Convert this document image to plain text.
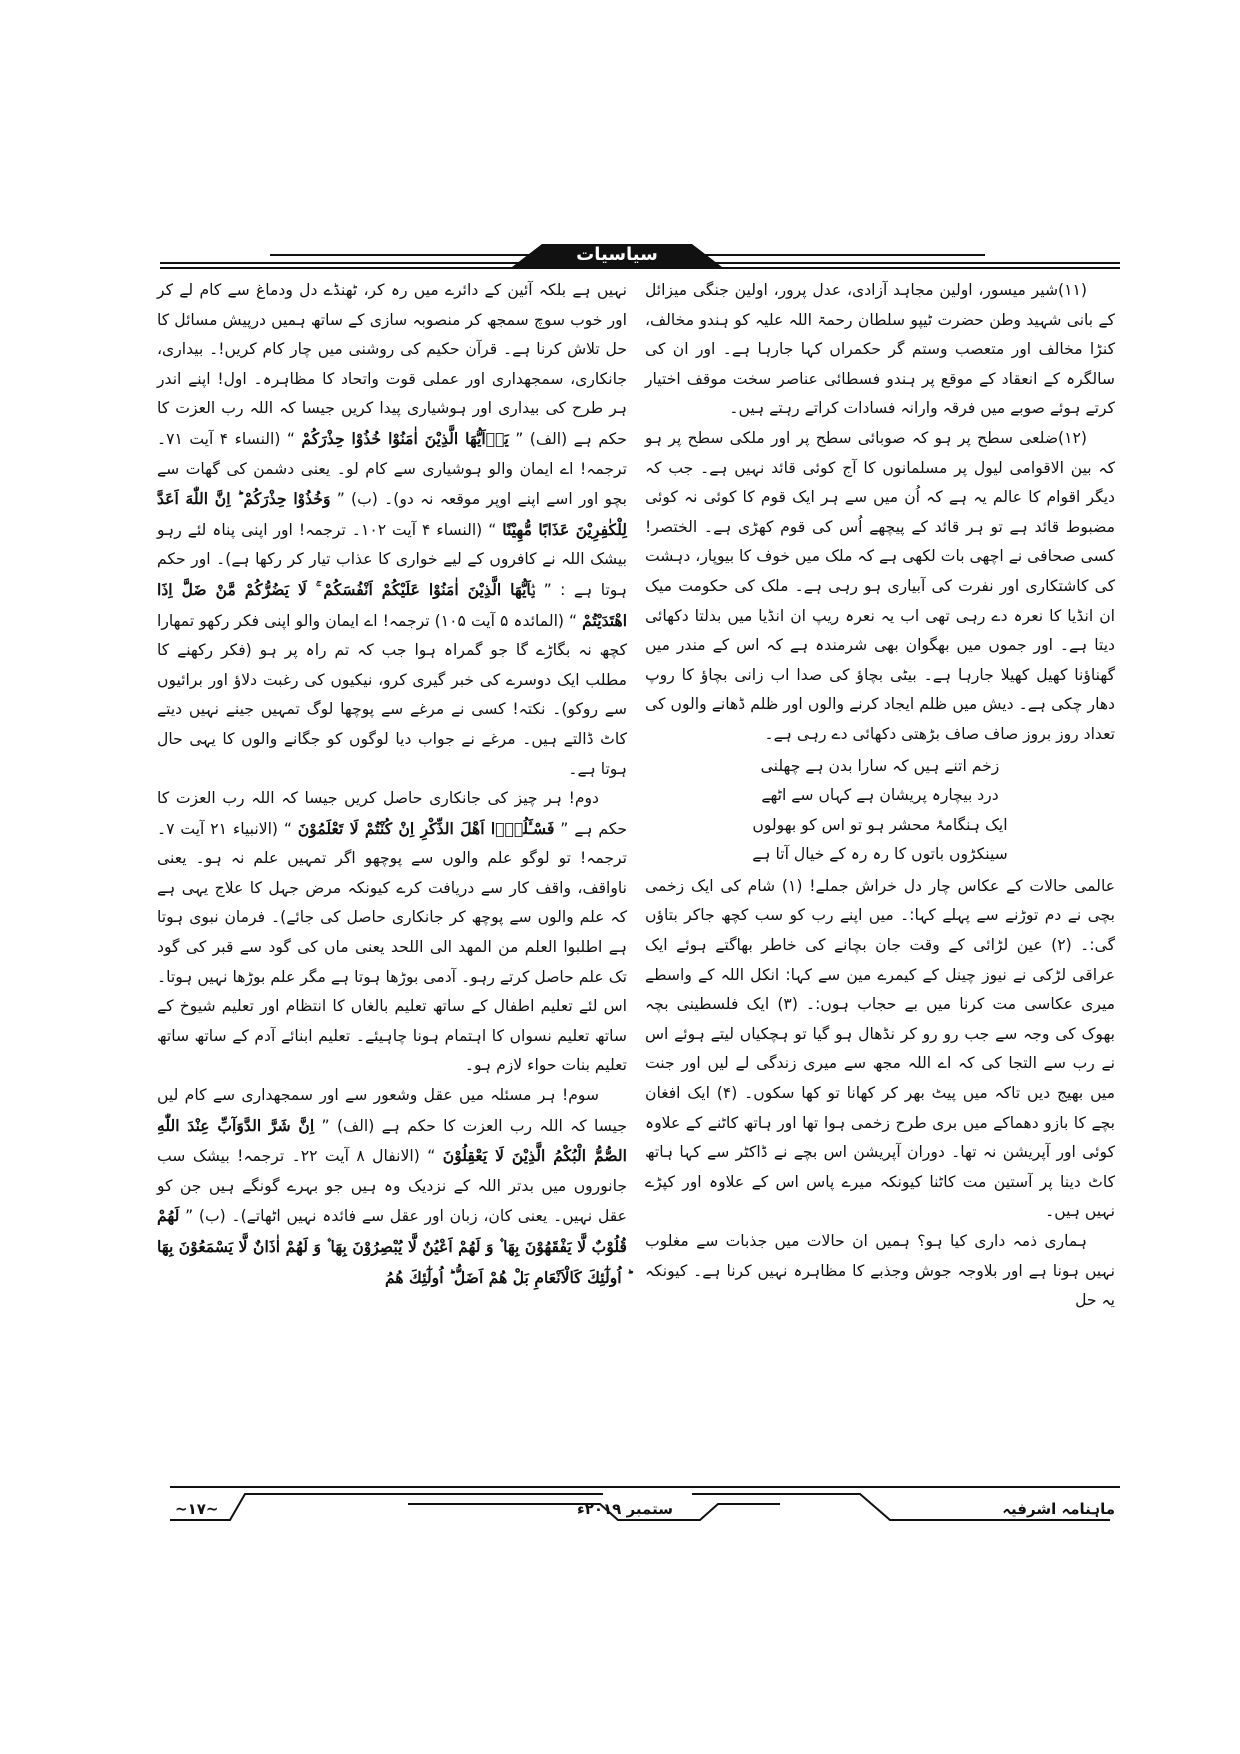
سیاسیات

(۱۱)شیر میسور، اولین مجاہد آزادی، عدل پرور، اولین جنگی میزائل کے بانی شہید وطن حضرت ٹیپو سلطان رحمۃ اللہ علیہ کو ہندو مخالف، کنڑا مخالف اور متعصب وستم گر حکمراں کہا جارہا ہے۔ اور ان کی سالگرہ کے انعقاد کے موقع پر ہندو فسطائی عناصر سخت موقف اختیار کرتے ہوئے صوبے میں فرقہ وارانہ فسادات کراتے رہتے ہیں۔

(۱۲)ضلعی سطح پر ہو کہ صوبائی سطح پر اور ملکی سطح پر ہو کہ بین الاقوامی لیول پر مسلمانوں کا آج کوئی قائد نہیں ہے۔ جب کہ دیگر اقوام کا عالم یہ ہے کہ اُن میں سے ہر ایک قوم کا کوئی نہ کوئی مضبوط قائد ہے تو ہر قائد کے پیچھے اُس کی قوم کھڑی ہے۔ الختصر! کسی صحافی نے اچھی بات لکھی ہے کہ ملک میں خوف کا بیوپار، دہشت کی کاشتکاری اور نفرت کی آبیاری ہو رہی ہے۔ ملک کی حکومت میک ان انڈیا کا نعرہ دے رہی تھی اب یہ نعرہ ریپ ان انڈیا میں بدلتا دکھائی دیتا ہے۔ اور جموں میں بھگوان بھی شرمندہ ہے کہ اس کے مندر میں گھناؤنا کھیل کھیلا جارہا ہے۔ بیٹی بچاؤ کی صدا اب زانی بچاؤ کا روپ دھار چکی ہے۔ دیش میں ظلم ایجاد کرنے والوں اور ظلم ڈھانے والوں کی تعداد روز بروز صاف صاف بڑھتی دکھائی دے رہی ہے۔

زخم اتنے ہیں کہ سارا بدن ہے چھلنی

درد بیچارہ پریشان ہے کہاں سے اٹھے

ایک ہنگامۂ محشر ہو تو اس کو بھولوں

سینکڑوں باتوں کا رہ رہ کے خیال آتا ہے

عالمی حالات کے عکاس چار دل خراش جملے! (۱) شام کی ایک زخمی بچی نے دم توڑنے سے پہلے کہا:۔ میں اپنے رب کو سب کچھ جاکر بتاؤں گی:۔ (۲) عین لڑائی کے وقت جان بچانے کی خاطر بھاگتے ہوئے ایک عراقی لڑکی نے نیوز چینل کے کیمرے مین سے کہا: انکل اللہ کے واسطے میری عکاسی مت کرنا میں بے حجاب ہوں:۔ (۳) ایک فلسطینی بچہ بھوک کی وجہ سے جب رو رو کر نڈھال ہو گیا تو ہچکیاں لیتے ہوئے اس نے رب سے التجا کی کہ اے اللہ مجھ سے میری زندگی لے لیں اور جنت میں بھیج دیں تاکہ میں پیٹ بھر کر کھانا تو کھا سکوں۔ (۴) ایک افغان بچے کا بازو دھماکے میں بری طرح زخمی ہوا تھا اور ہاتھ کاٹنے کے علاوہ کوئی اور آپریشن نہ تھا۔ دوران آپریشن اس بچے نے ڈاکٹر سے کہا ہاتھ کاٹ دینا پر آستین مت کاٹنا کیونکہ میرے پاس اس کے علاوہ اور کپڑے نہیں ہیں۔

ہماری ذمہ داری کیا ہو؟ ہمیں ان حالات میں جذبات سے مغلوب نہیں ہونا ہے اور بلاوجہ جوش وجذبے کا مظاہرہ نہیں کرنا ہے۔ کیونکہ یہ حل

نہیں ہے بلکہ آئین کے دائرے میں رہ کر، ٹھنڈے دل ودماغ سے کام لے کر اور خوب سوچ سمجھ کر منصوبہ سازی کے ساتھ ہمیں درپیش مسائل کا حل تلاش کرنا ہے۔ قرآن حکیم کی روشنی میں چار کام کریں!۔ بیداری، جانکاری، سمجھداری اور عملی قوت واتحاد کا مظاہرہ۔ اول! اپنے اندر ہر طرح کی بیداری اور ہوشیاری پیدا کریں جیسا کہ اللہ رب العزت کا حکم ہے (الف) ” يَاۤاَيُّهَا الَّذِيْنَ اٰمَنُوْا خُذُوْا حِذْرَكُمْ “ (النساء ۴ آیت ۷۱۔ ترجمہ! اے ایمان والو ہوشیاری سے کام لو۔ یعنی دشمن کی گھات سے بچو اور اسے اپنے اوپر موقعہ نہ دو)۔ (ب) ” وَخُذُوْا حِذْرَكُمْ ؕ اِنَّ اللّٰهَ اَعَدَّ لِلْكٰفِرِيْنَ عَذَابًا مُّهِيْنًا “ (النساء ۴ آیت ۱۰۲۔ ترجمہ! اور اپنی پناہ لئے رہو بیشک اللہ نے کافروں کے لیے خواری کا عذاب تیار کر رکھا ہے)۔ اور حکم ہوتا ہے : ” يٰۤاَيُّهَا الَّذِيْنَ اٰمَنُوْا عَلَيْكُمْ اَنْفُسَكُمْ ۚ لَا يَضُرُّكُمْ مَّنْ ضَلَّ اِذَا اهْتَدَيْتُمْ “ (المائدہ ۵ آیت ۱۰۵) ترجمہ! اے ایمان والو اپنی فکر رکھو تمھارا کچھ نہ بگاڑے گا جو گمراہ ہوا جب کہ تم راہ پر ہو (فکر رکھنے کا مطلب ایک دوسرے کی خبر گیری کرو، نیکیوں کی رغبت دلاؤ اور برائیوں سے روکو)۔ نکتہ! کسی نے مرغے سے پوچھا لوگ تمہیں جینے نہیں دیتے کاٹ ڈالتے ہیں۔ مرغے نے جواب دیا لوگوں کو جگانے والوں کا یہی حال ہوتا ہے۔

دوم! ہر چیز کی جانکاری حاصل کریں جیسا کہ اللہ رب العزت کا حکم ہے ” فَسْـَٔلُوْۤا اَهْلَ الذِّكْرِ اِنْ كُنْتُمْ لَا تَعْلَمُوْنَ “ (الانبیاء ۲۱ آیت ۷۔ ترجمہ! تو لوگو علم والوں سے پوچھو اگر تمہیں علم نہ ہو۔ یعنی ناواقف، واقف کار سے دریافت کرے کیونکہ مرض جہل کا علاج یہی ہے کہ علم والوں سے پوچھ کر جانکاری حاصل کی جائے)۔ فرمان نبوی ہوتا ہے اطلبوا العلم من المهد الى اللحد یعنی ماں کی گود سے قبر کی گود تک علم حاصل کرتے رہو۔ آدمی بوڑھا ہوتا ہے مگر علم بوڑھا نہیں ہوتا۔ اس لئے تعلیم اطفال کے ساتھ تعلیم بالغاں کا انتظام اور تعلیم شیوخ کے ساتھ تعلیم نسواں کا اہتمام ہونا چاہیئے۔ تعلیم ابنائے آدم کے ساتھ ساتھ تعلیم بنات حواء لازم ہو۔

سوم! ہر مسئلہ میں عقل وشعور سے اور سمجھداری سے کام لیں جیسا کہ اللہ رب العزت کا حکم ہے (الف) ” اِنَّ شَرَّ الدَّوَآبِّ عِنْدَ اللّٰهِ الصُّمُّ الْبُكْمُ الَّذِيْنَ لَا يَعْقِلُوْنَ “ (الانفال ۸ آیت ۲۲۔ ترجمہ! بیشک سب جانوروں میں بدتر اللہ کے نزدیک وہ ہیں جو بہرے گونگے ہیں جن کو عقل نہیں۔ یعنی کان، زبان اور عقل سے فائدہ نہیں اٹھاتے)۔ (ب) ” لَهُمْ قُلُوْبٌ لَّا يَفْقَهُوْنَ بِهَا ۫ وَ لَهُمْ اَعْيُنٌ لَّا يُبْصِرُوْنَ بِهَا ۫ وَ لَهُمْ اٰذَانٌ لَّا يَسْمَعُوْنَ بِهَا ؕ اُولٰٓئِكَ كَالْاَنْعَامِ بَلْ هُمْ اَضَلُّ ؕ اُولٰٓئِكَ هُمُ

ماہنامہ اشرفیہ
ستمبر ۲۰۱۹ء
~۱۷~
